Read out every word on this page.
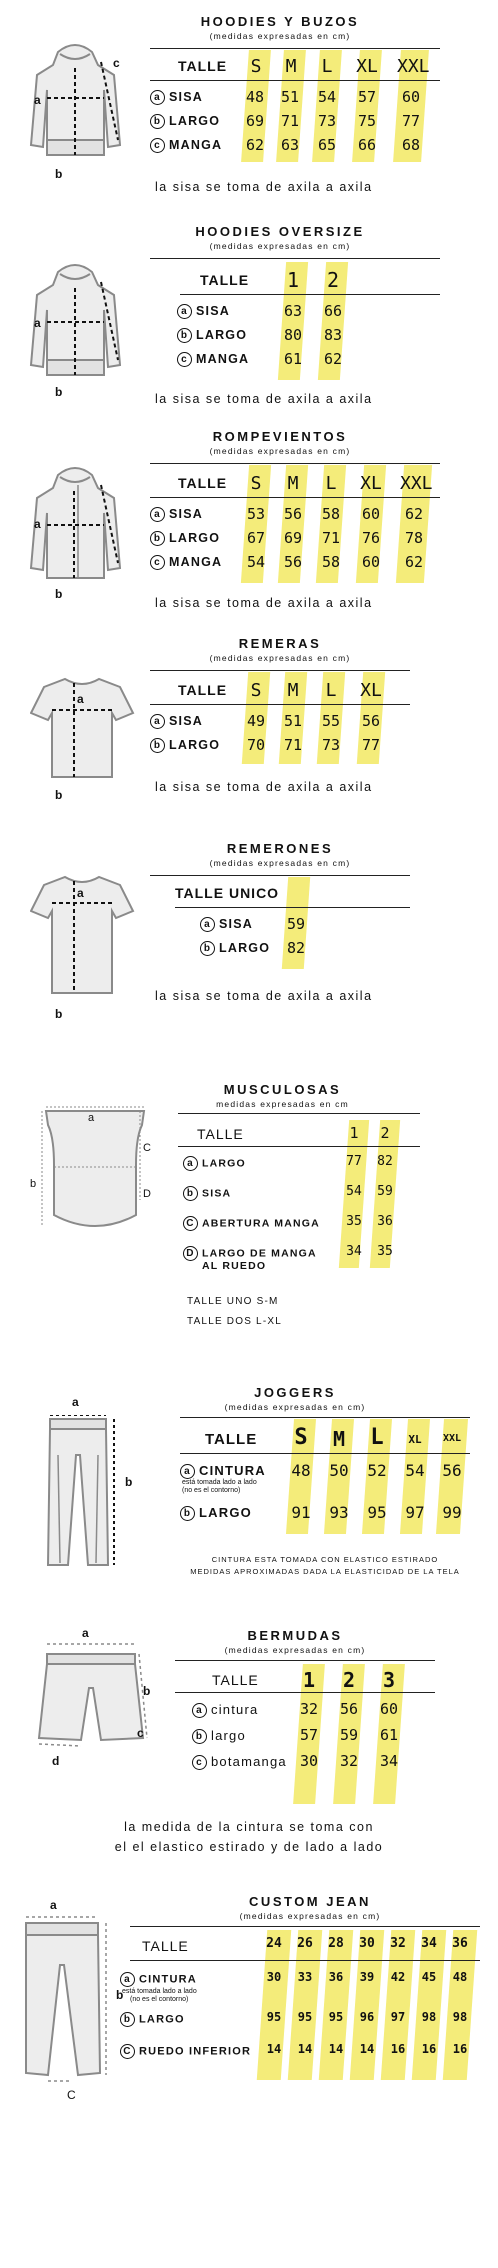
a
b
c
HOODIES Y BUZOS
(medidas expresadas en cm)
TALLE	S	M	L	XL XXL
a SISA	48 51 54 57 60
b LARGO 69 71 73 75 77
c MANGA 62 63 65 66 68
la sisa se toma de axila a axila
a
b
HOODIES OVERSIZE
(medidas expresadas en cm)
TALLE 1 2
a SISA	63 66
b LARGO 80 83
c MANGA 61 62
la sisa se toma de axila a axila
a
b
ROMPEVIENTOS
(medidas expresadas en cm)
TALLE	S	M	L	XL XXL
a SISA	53 56 58 60 62
b LARGO 67 69 71 76 78
c MANGA 54 56 58 60 62
la sisa se toma de axila a axila
a
b
REMERAS
(medidas expresadas en cm)
TALLE	S	M	L	XL
a SISA	49 51 55 56
b LARGO 70 71 73 77
la sisa se toma de axila a axila
a
b
REMERONES
(medidas expresadas en cm)
TALLE UNICO
a SISA 59
b LARGO 82
la sisa se toma de axila a axila
a
b
C
D
MUSCULOSAS
medidas expresadas en cm
TALLE	1	2
a LARGO	77	82
b SISA	54	59
C ABERTURA MANGA	35	36
D LARGO DE MANGA
AL RUEDO
34	35
TALLE UNO S-M
TALLE DOS L-XL
a
b
JOGGERS
(medidas expresadas en cm)
TALLE S M L	XL	XXL
a CINTURA
está tomada lado a lado
(no es el contorno)
48 50 52 54 56
b LARGO 91 93 95 97 99
CINTURA ESTA TOMADA CON ELASTICO ESTIRADO
MEDIDAS APROXIMADAS DADA LA ELASTICIDAD DE LA TELA
a
b
c
d
BERMUDAS
(medidas expresadas en cm)
TALLE 1 2 3
a cintura	32 56 60
b largo	57 59 61
c botamanga 30 32 34
la medida de la cintura se toma con
el el elastico estirado y de lado a lado
a
b
C
CUSTOM JEAN
(medidas expresadas en cm)
TALLE	24	26	28	30	32	34	36
a CINTURA
está tomada lado a lado
(no es el contorno)
30	33	36	39	42	45	48
b LARGO	95	95	95	96	97	98	98
C RUEDO INFERIOR	14	14	14	14	16	16	16
